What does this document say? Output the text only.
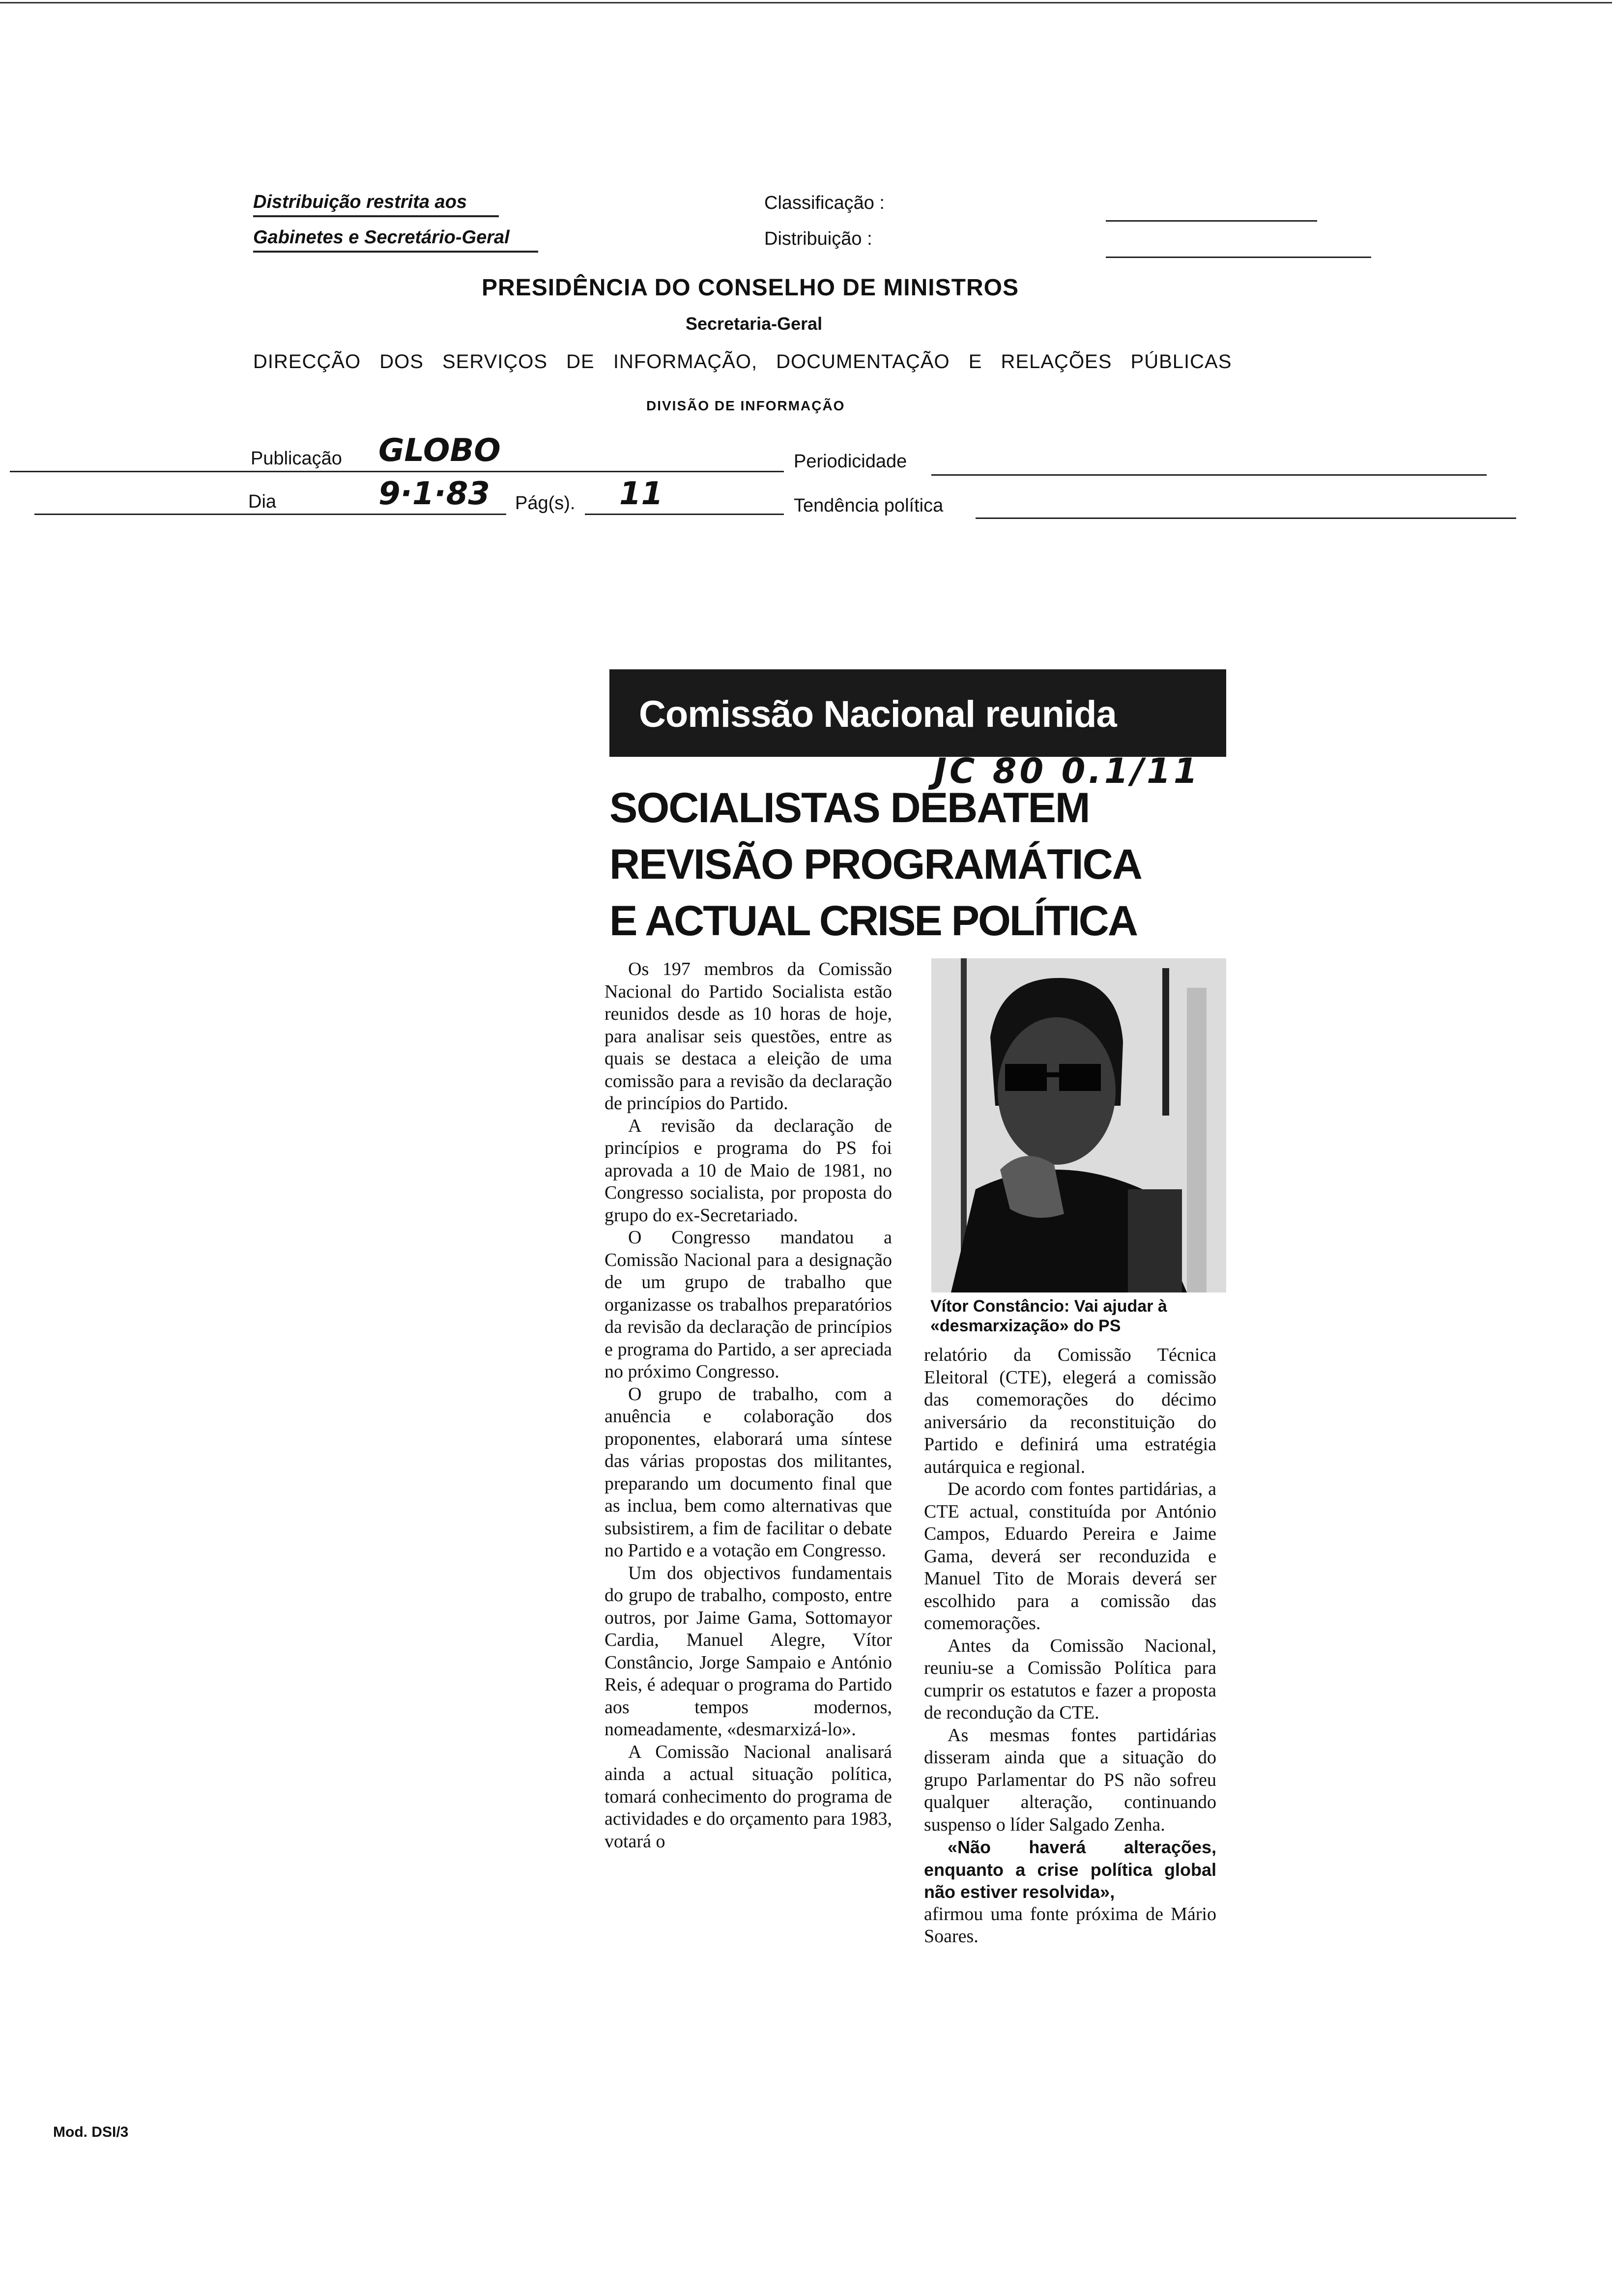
Distribuição restrita aos
Gabinetes e Secretário-Geral
Classificação :
Distribuição :
PRESIDÊNCIA DO CONSELHO DE MINISTROS
Secretaria-Geral
DIRECÇÃO DOS SERVIÇOS DE INFORMAÇÃO, DOCUMENTAÇÃO E RELAÇÕES PÚBLICAS
DIVISÃO DE INFORMAÇÃO
Publicação GLOBO	Periodicidade
Dia	9·1·83 Pág(s). 11	Tendência política
Comissão Nacional reunida
JC 80 0.1/11
SOCIALISTAS DEBATEM
REVISÃO PROGRAMÁTICA
E ACTUAL CRISE POLÍTICA

Os 197 membros da Comissão Nacional do Partido Socialista estão reunidos desde as 10 horas de hoje, para analisar seis questões, entre as quais se destaca a eleição de uma comissão para a revisão da declaração de princípios do Partido.

A revisão da declaração de princípios e programa do PS foi aprovada a 10 de Maio de 1981, no Congresso socialista, por proposta do grupo do ex-Secretariado.

O Congresso mandatou a Comissão Nacional para a designação de um grupo de trabalho que organizasse os trabalhos preparatórios da revisão da declaração de princípios e programa do Partido, a ser apreciada no próximo Congresso.

O grupo de trabalho, com a anuência e colaboração dos proponentes, elaborará uma síntese das várias propostas dos militantes, preparando um documento final que as inclua, bem como alternativas que subsistirem, a fim de facilitar o debate no Partido e a votação em Congresso.

Um dos objectivos fundamentais do grupo de trabalho, composto, entre outros, por Jaime Gama, Sottomayor Cardia, Manuel Alegre, Vítor Constâncio, Jorge Sampaio e António Reis, é adequar o programa do Partido aos tempos modernos, nomeadamente, «desmarxizá-lo».

A Comissão Nacional analisará ainda a actual situação política, tomará conhecimento do programa de actividades e do orçamento para 1983, votará o

Vítor Constâncio: Vai ajudar à «desmarxização» do PS

relatório da Comissão Técnica Eleitoral (CTE), elegerá a comissão das comemorações do décimo aniversário da reconstituição do Partido e definirá uma estratégia autárquica e regional.

De acordo com fontes partidárias, a CTE actual, constituída por António Campos, Eduardo Pereira e Jaime Gama, deverá ser reconduzida e Manuel Tito de Morais deverá ser escolhido para a comissão das comemorações.

Antes da Comissão Nacional, reuniu-se a Comissão Política para cumprir os estatutos e fazer a proposta de recondução da CTE.

As mesmas fontes partidárias disseram ainda que a situação do grupo Parlamentar do PS não sofreu qualquer alteração, continuando suspenso o líder Salgado Zenha.

«Não haverá alterações, enquanto a crise política global não estiver resolvida»,

afirmou uma fonte próxima de Mário Soares.

Mod. DSI/3
